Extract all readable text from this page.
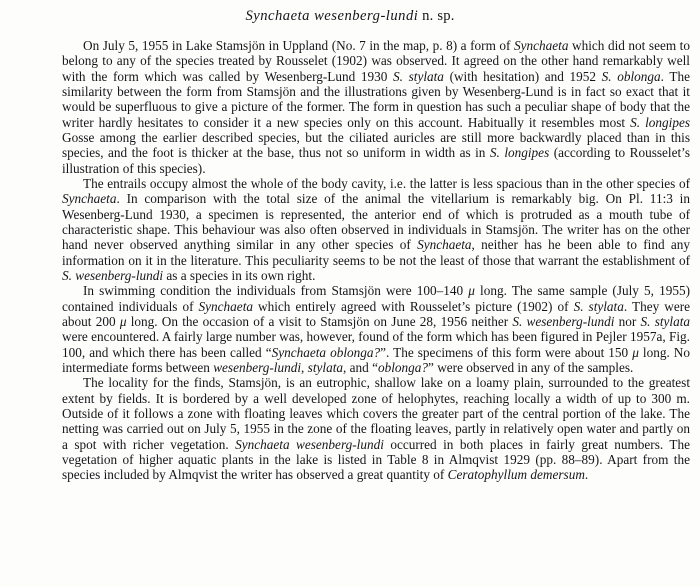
Synchaeta wesenberg-lundi n. sp.

On July 5, 1955 in Lake Stamsjön in Uppland (No. 7 in the map, p. 8) a form of Synchaeta which did not seem to belong to any of the species treated by Rousselet (1902) was observed. It agreed on the other hand remarkably well with the form which was called by Wesenberg-Lund 1930 S. stylata (with hesitation) and 1952 S. oblonga. The similarity between the form from Stamsjön and the illustrations given by Wesenberg-Lund is in fact so exact that it would be superfluous to give a picture of the former. The form in question has such a peculiar shape of body that the writer hardly hesitates to consider it a new species only on this account. Habitually it resembles most S. longipes Gosse among the earlier described species, but the ciliated auricles are still more backwardly placed than in this species, and the foot is thicker at the base, thus not so uniform in width as in S. longipes (according to Rousselet’s illustration of this species).

The entrails occupy almost the whole of the body cavity, i.e. the latter is less spacious than in the other species of Synchaeta. In comparison with the total size of the animal the vitellarium is remarkably big. On Pl. 11:3 in Wesenberg-Lund 1930, a specimen is represented, the anterior end of which is protruded as a mouth tube of characteristic shape. This behaviour was also often observed in individuals in Stamsjön. The writer has on the other hand never observed anything similar in any other species of Synchaeta, neither has he been able to find any information on it in the literature. This peculiarity seems to be not the least of those that warrant the establishment of S. wesenberg-lundi as a species in its own right.

In swimming condition the individuals from Stamsjön were 100–140 μ long. The same sample (July 5, 1955) contained individuals of Synchaeta which entirely agreed with Rousselet’s picture (1902) of S. stylata. They were about 200 μ long. On the occasion of a visit to Stamsjön on June 28, 1956 neither S. wesenberg-lundi nor S. stylata were encountered. A fairly large number was, however, found of the form which has been figured in Pejler 1957a, Fig. 100, and which there has been called “Synchaeta oblonga?”. The specimens of this form were about 150 μ long. No intermediate forms between wesenberg-lundi, stylata, and “oblonga?” were observed in any of the samples.

The locality for the finds, Stamsjön, is an eutrophic, shallow lake on a loamy plain, surrounded to the greatest extent by fields. It is bordered by a well developed zone of helophytes, reaching locally a width of up to 300 m. Outside of it follows a zone with floating leaves which covers the greater part of the central portion of the lake. The netting was carried out on July 5, 1955 in the zone of the floating leaves, partly in relatively open water and partly on a spot with richer vegetation. Synchaeta wesenberg-lundi occurred in both places in fairly great numbers. The vegetation of higher aquatic plants in the lake is listed in Table 8 in Almqvist 1929 (pp. 88–89). Apart from the species included by Almqvist the writer has observed a great quantity of Ceratophyllum demersum.
